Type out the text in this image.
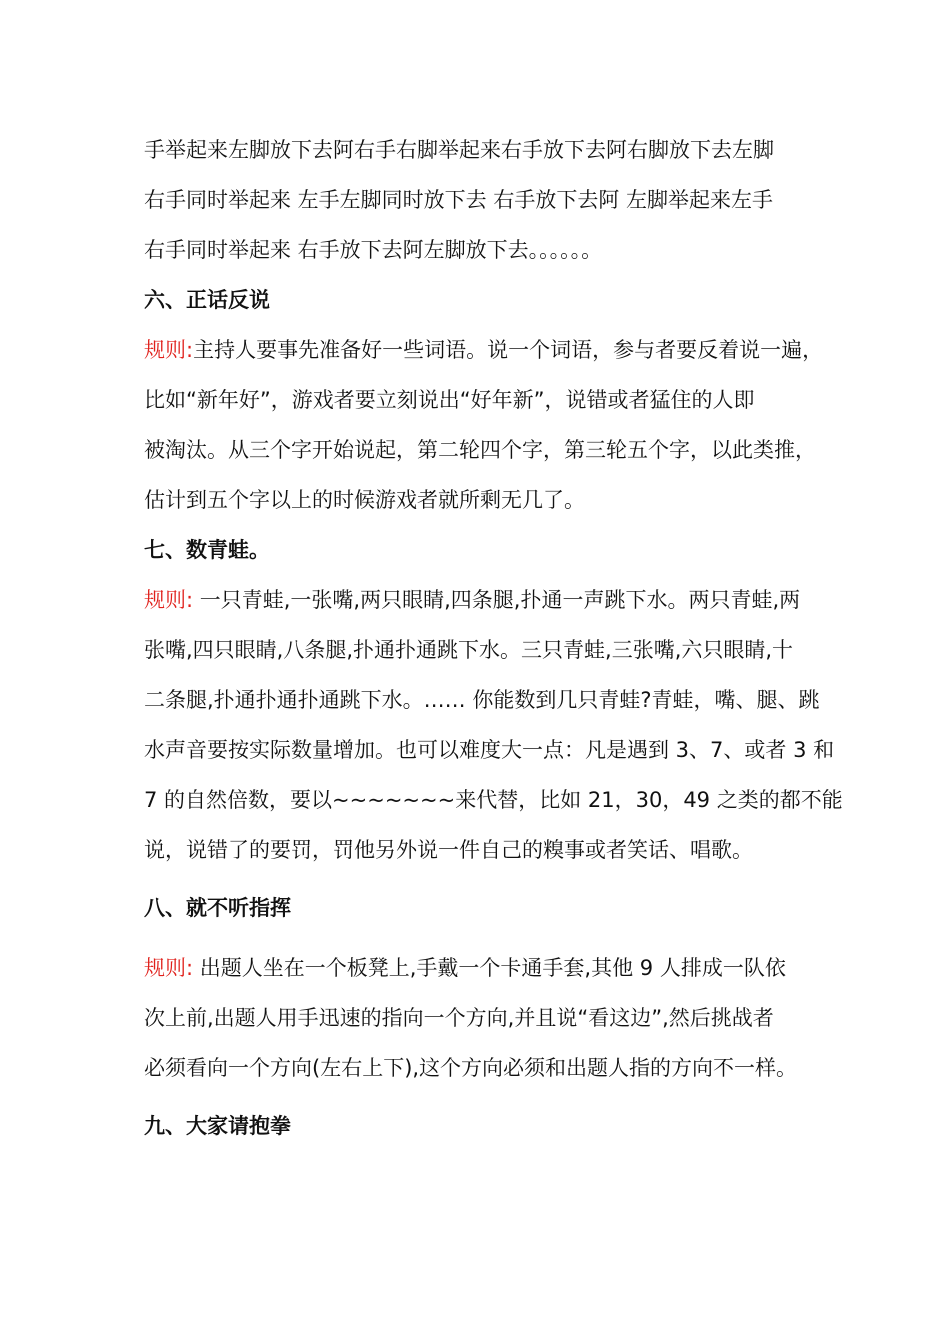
手举起来左脚放下去阿右手右脚举起来右手放下去阿右脚放下去左脚
右手同时举起来 左手左脚同时放下去 右手放下去阿 左脚举起来左手
右手同时举起来 右手放下去阿左脚放下去。。。。。。
六、正话反说
规则:主持人要事先准备好一些词语。说一个词语，参与者要反着说一遍，
比如“新年好”，游戏者要立刻说出“好年新”，说错或者猛住的人即
被淘汰。从三个字开始说起，第二轮四个字，第三轮五个字，以此类推，
估计到五个字以上的时候游戏者就所剩无几了。
七、数青蛙。
规则: 一只青蛙,一张嘴,两只眼睛,四条腿,扑通一声跳下水。两只青蛙,两
张嘴,四只眼睛,八条腿,扑通扑通跳下水。三只青蛙,三张嘴,六只眼睛,十
二条腿,扑通扑通扑通跳下水。…… 你能数到几只青蛙?青蛙，嘴、腿、跳
水声音要按实际数量增加。也可以难度大一点：凡是遇到 3、7、或者 3 和
7 的自然倍数，要以~~~~~~~来代替，比如 21，30，49 之类的都不能
说，说错了的要罚，罚他另外说一件自己的糗事或者笑话、唱歌。
八、就不听指挥
规则: 出题人坐在一个板凳上,手戴一个卡通手套,其他 9 人排成一队依
次上前,出题人用手迅速的指向一个方向,并且说“看这边”,然后挑战者
必须看向一个方向(左右上下),这个方向必须和出题人指的方向不一样。
九、大家请抱拳
